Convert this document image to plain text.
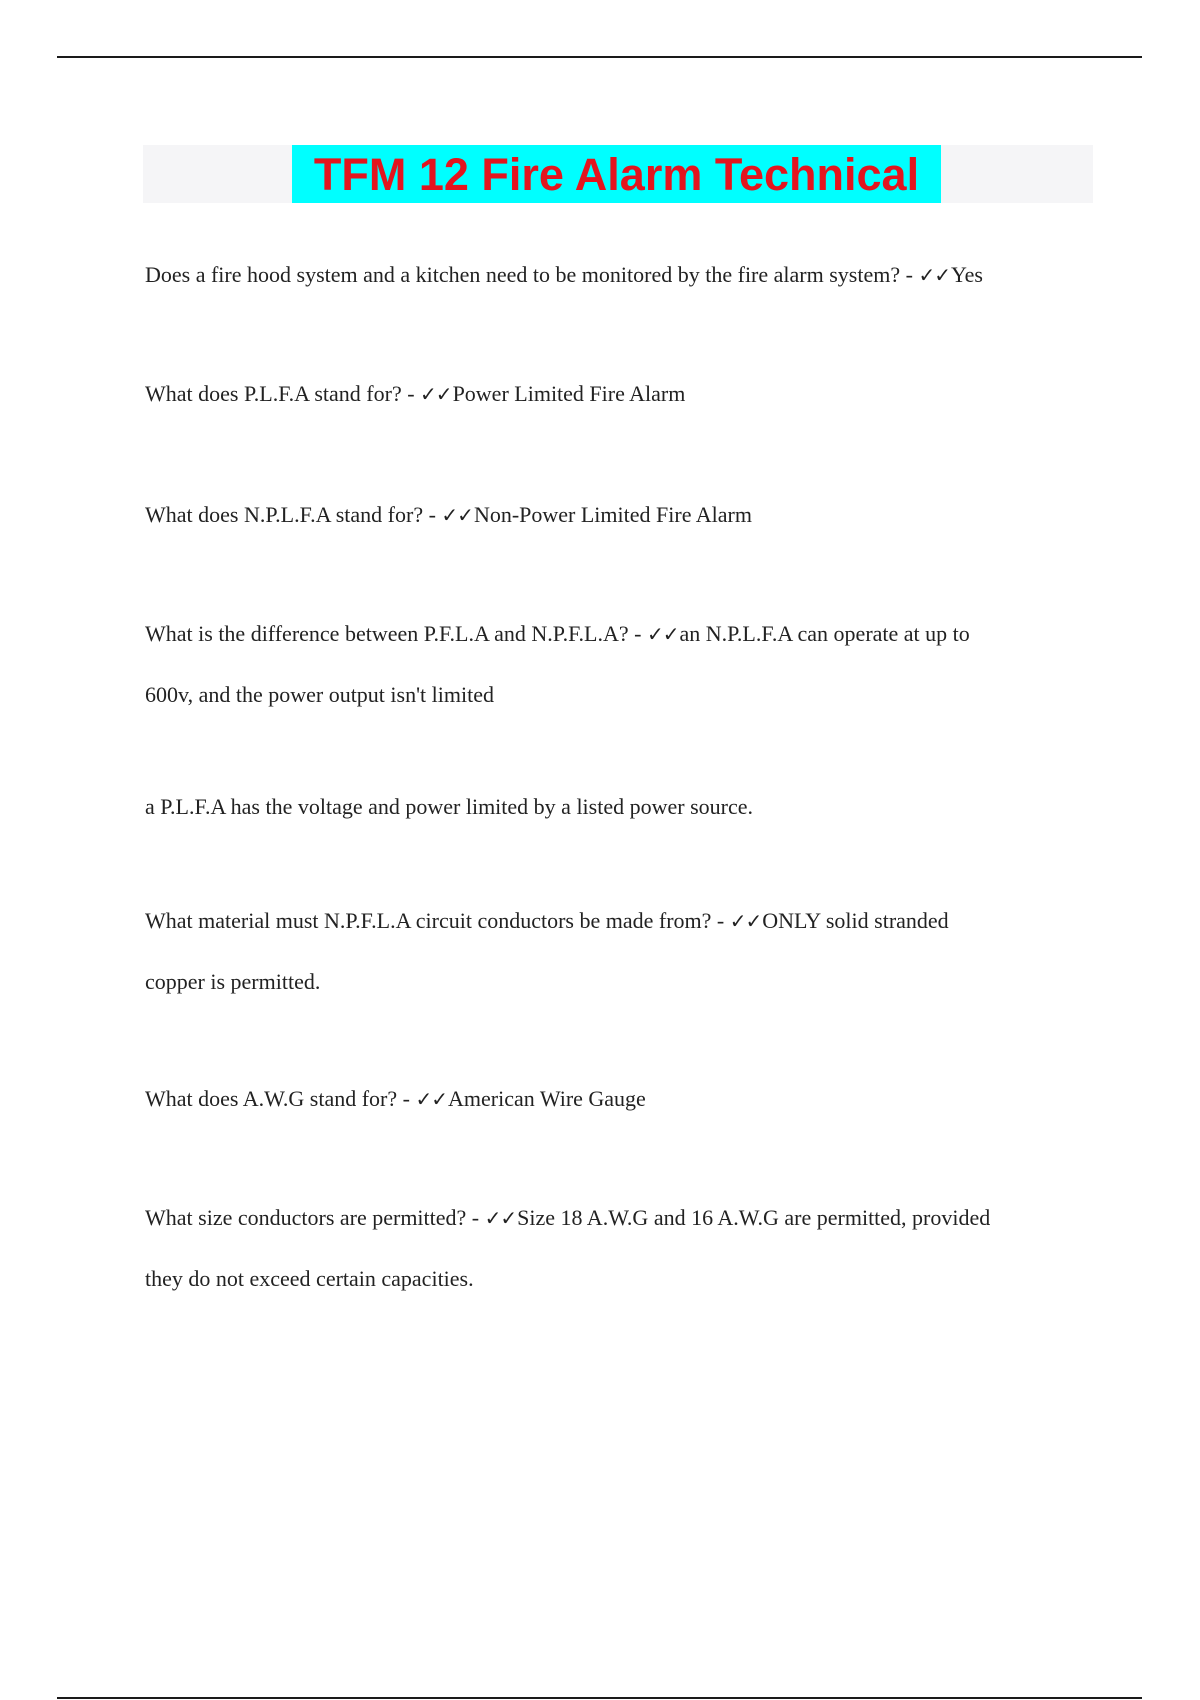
TFM 12 Fire Alarm Technical
Does a fire hood system and a kitchen need to be monitored by the fire alarm system? - ✓✓Yes
What does P.L.F.A stand for? - ✓✓Power Limited Fire Alarm
What does N.P.L.F.A stand for? - ✓✓Non-Power Limited Fire Alarm
What is the difference between P.F.L.A and N.P.F.L.A? - ✓✓an N.P.L.F.A can operate at up to
600v, and the power output isn't limited
a P.L.F.A has the voltage and power limited by a listed power source.
What material must N.P.F.L.A circuit conductors be made from? - ✓✓ONLY solid stranded
copper is permitted.
What does A.W.G stand for? - ✓✓American Wire Gauge
What size conductors are permitted? - ✓✓Size 18 A.W.G and 16 A.W.G are permitted, provided
they do not exceed certain capacities.
